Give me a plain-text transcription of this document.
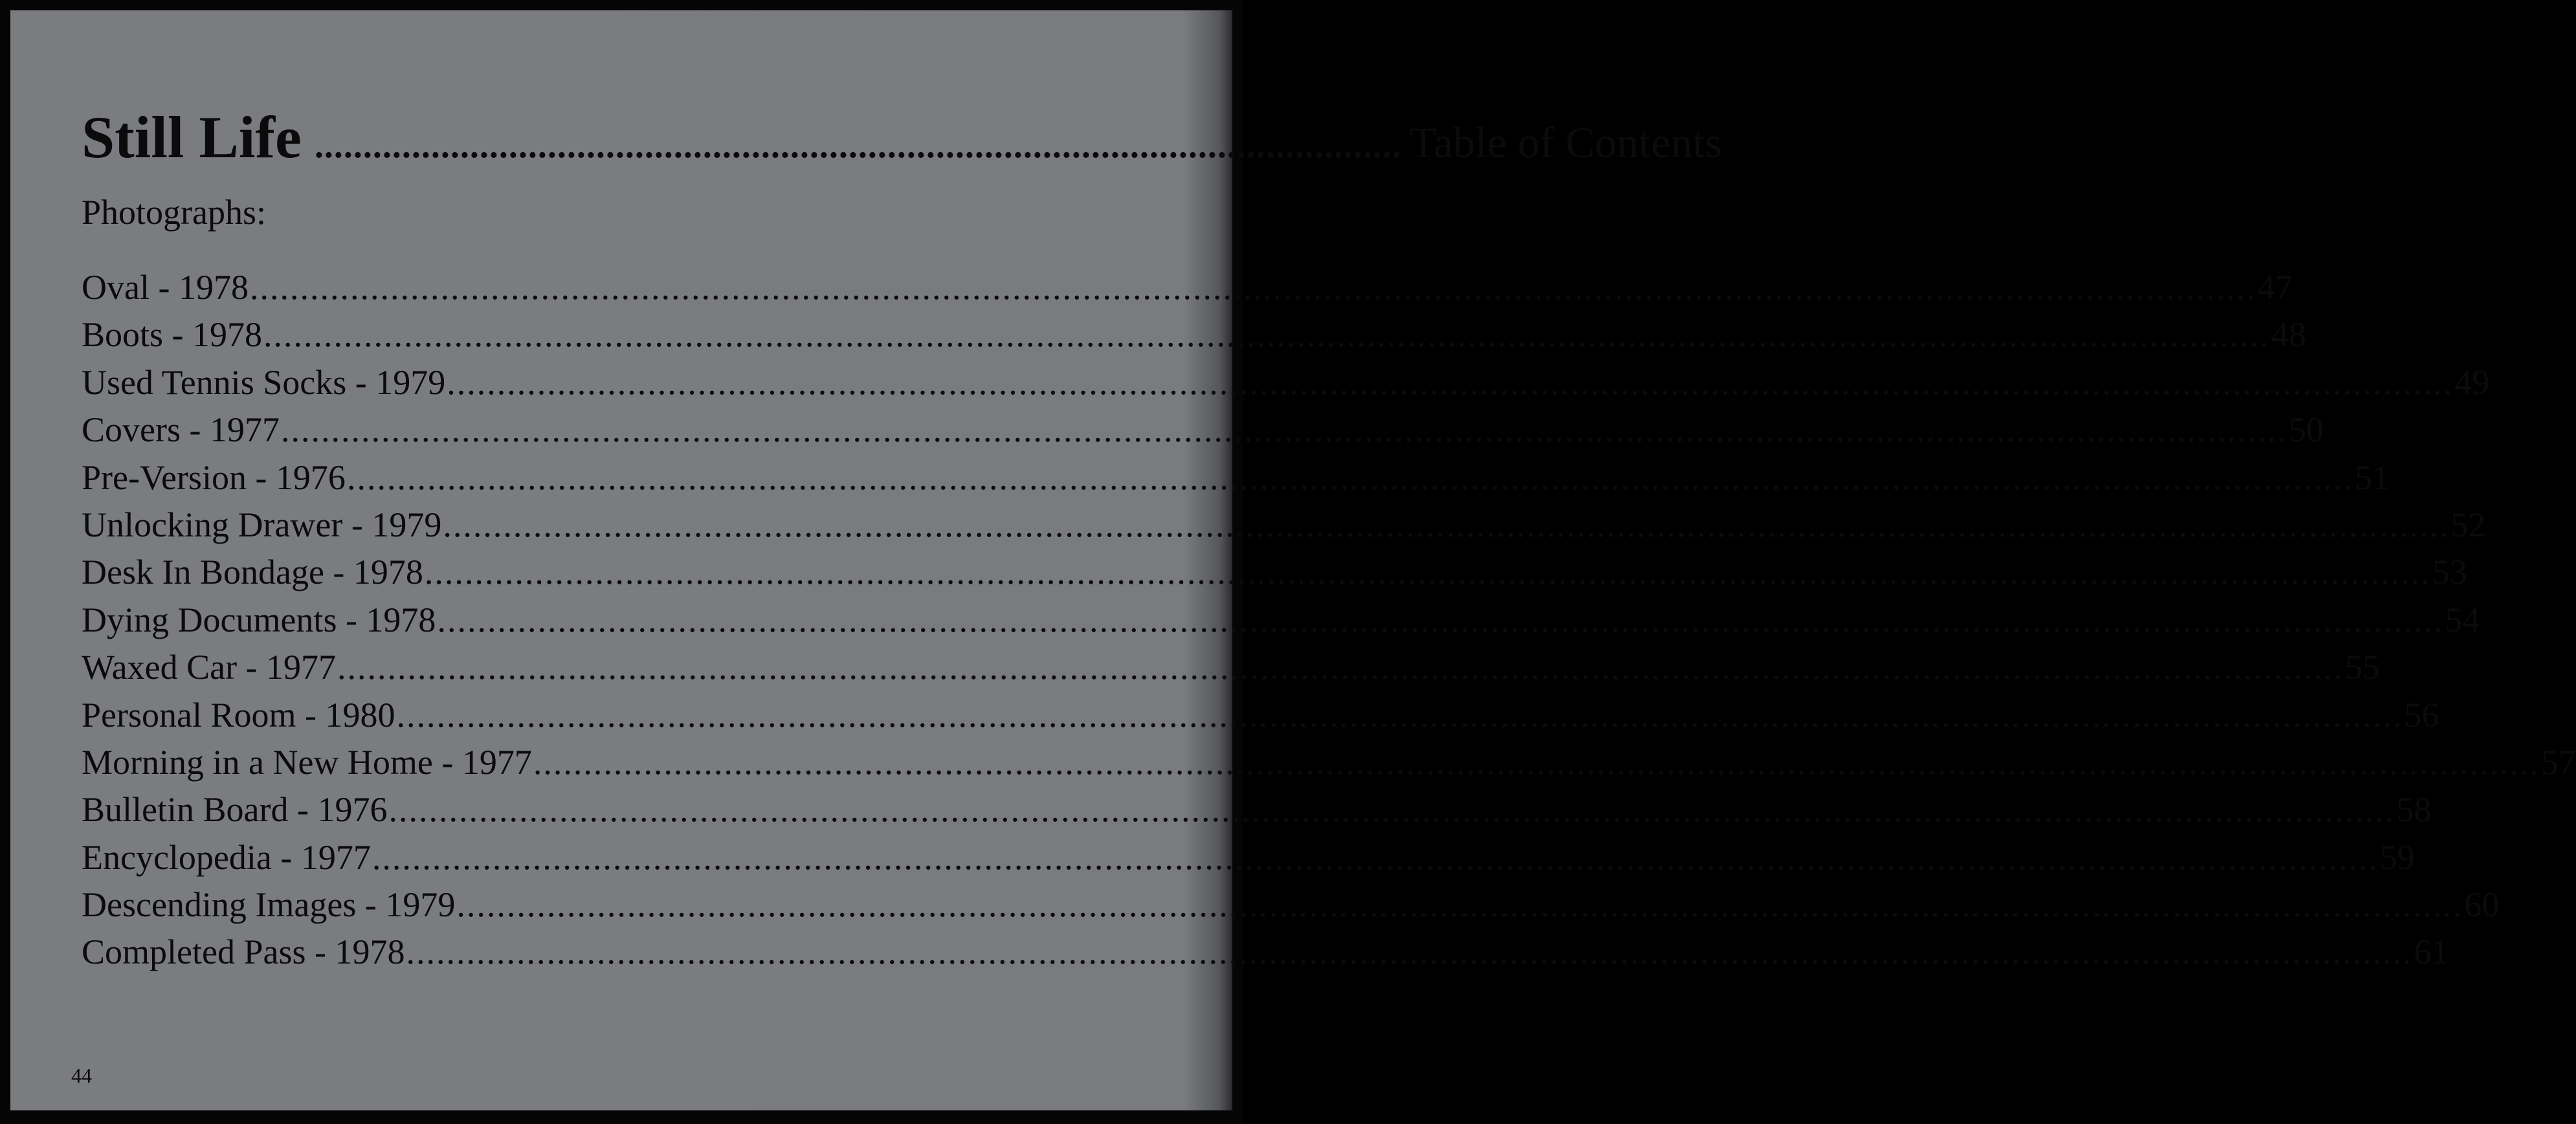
Still Life ................................................................................................................ Table of Contents
Photographs:
Oval - 1978 ........................................................................................................................................................................................................ 47
Boots - 1978 ........................................................................................................................................................................................................ 48
Used Tennis Socks - 1979 ........................................................................................................................................................................................................ 49
Covers - 1977 ........................................................................................................................................................................................................ 50
Pre-Version - 1976 ........................................................................................................................................................................................................ 51
Unlocking Drawer - 1979 ........................................................................................................................................................................................................ 52
Desk In Bondage - 1978 ........................................................................................................................................................................................................ 53
Dying Documents - 1978 ........................................................................................................................................................................................................ 54
Waxed Car - 1977 ........................................................................................................................................................................................................ 55
Personal Room - 1980 ........................................................................................................................................................................................................ 56
Morning in a New Home - 1977 ........................................................................................................................................................................................................ 57
Bulletin Board - 1976 ........................................................................................................................................................................................................ 58
Encyclopedia - 1977 ........................................................................................................................................................................................................ 59
Descending Images - 1979 ........................................................................................................................................................................................................ 60
Completed Pass - 1978 ........................................................................................................................................................................................................ 61
44
